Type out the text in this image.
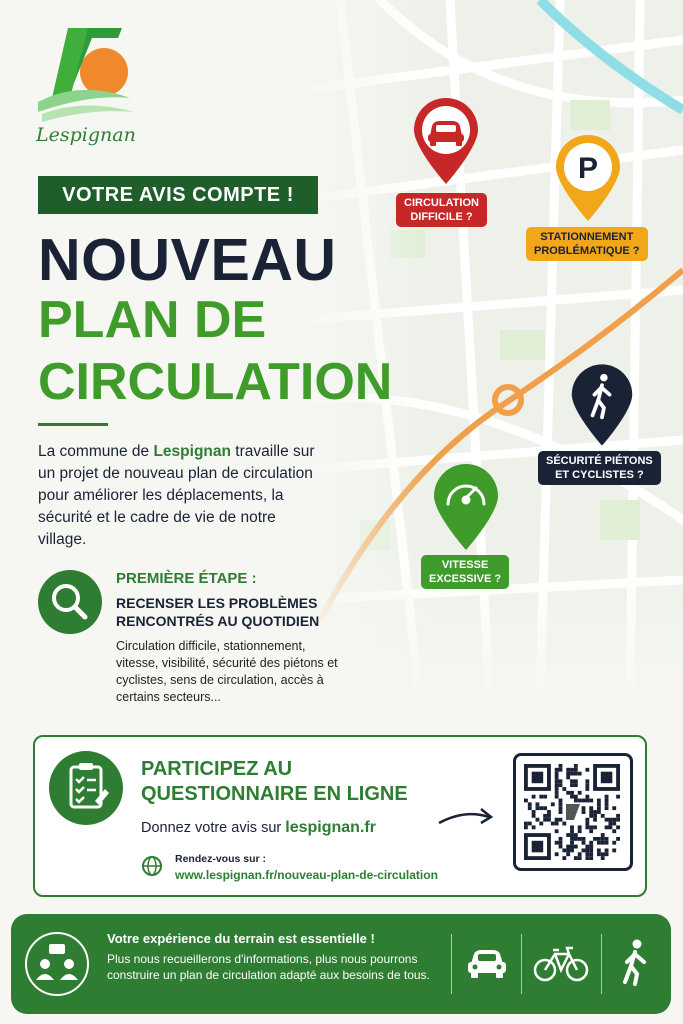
Lespignan
VOTRE AVIS COMPTE !
NOUVEAU
PLAN DE
CIRCULATION
La commune de Lespignan travaille sur un projet de nouveau plan de circulation pour améliorer les déplacements, la sécurité et le cadre de vie de notre village.
PREMIÈRE ÉTAPE :
RECENSER LES PROBLÈMES RENCONTRÉS AU QUOTIDIEN
Circulation difficile, stationnement, vitesse, visibilité, sécurité des piétons et cyclistes, sens de circulation, accès à certains secteurs...
CIRCULATION
DIFFICILE ?
P
STATIONNEMENT
PROBLÉMATIQUE ?
SÉCURITÉ PIÉTONS
ET CYCLISTES ?
VITESSE
EXCESSIVE ?
PARTICIPEZ AU
QUESTIONNAIRE EN LIGNE
Donnez votre avis sur lespignan.fr
Rendez-vous sur :
www.lespignan.fr/nouveau-plan-de-circulation
Votre expérience du terrain est essentielle !
Plus nous recueillerons d'informations, plus nous pourrons construire un plan de circulation adapté aux besoins de tous.
